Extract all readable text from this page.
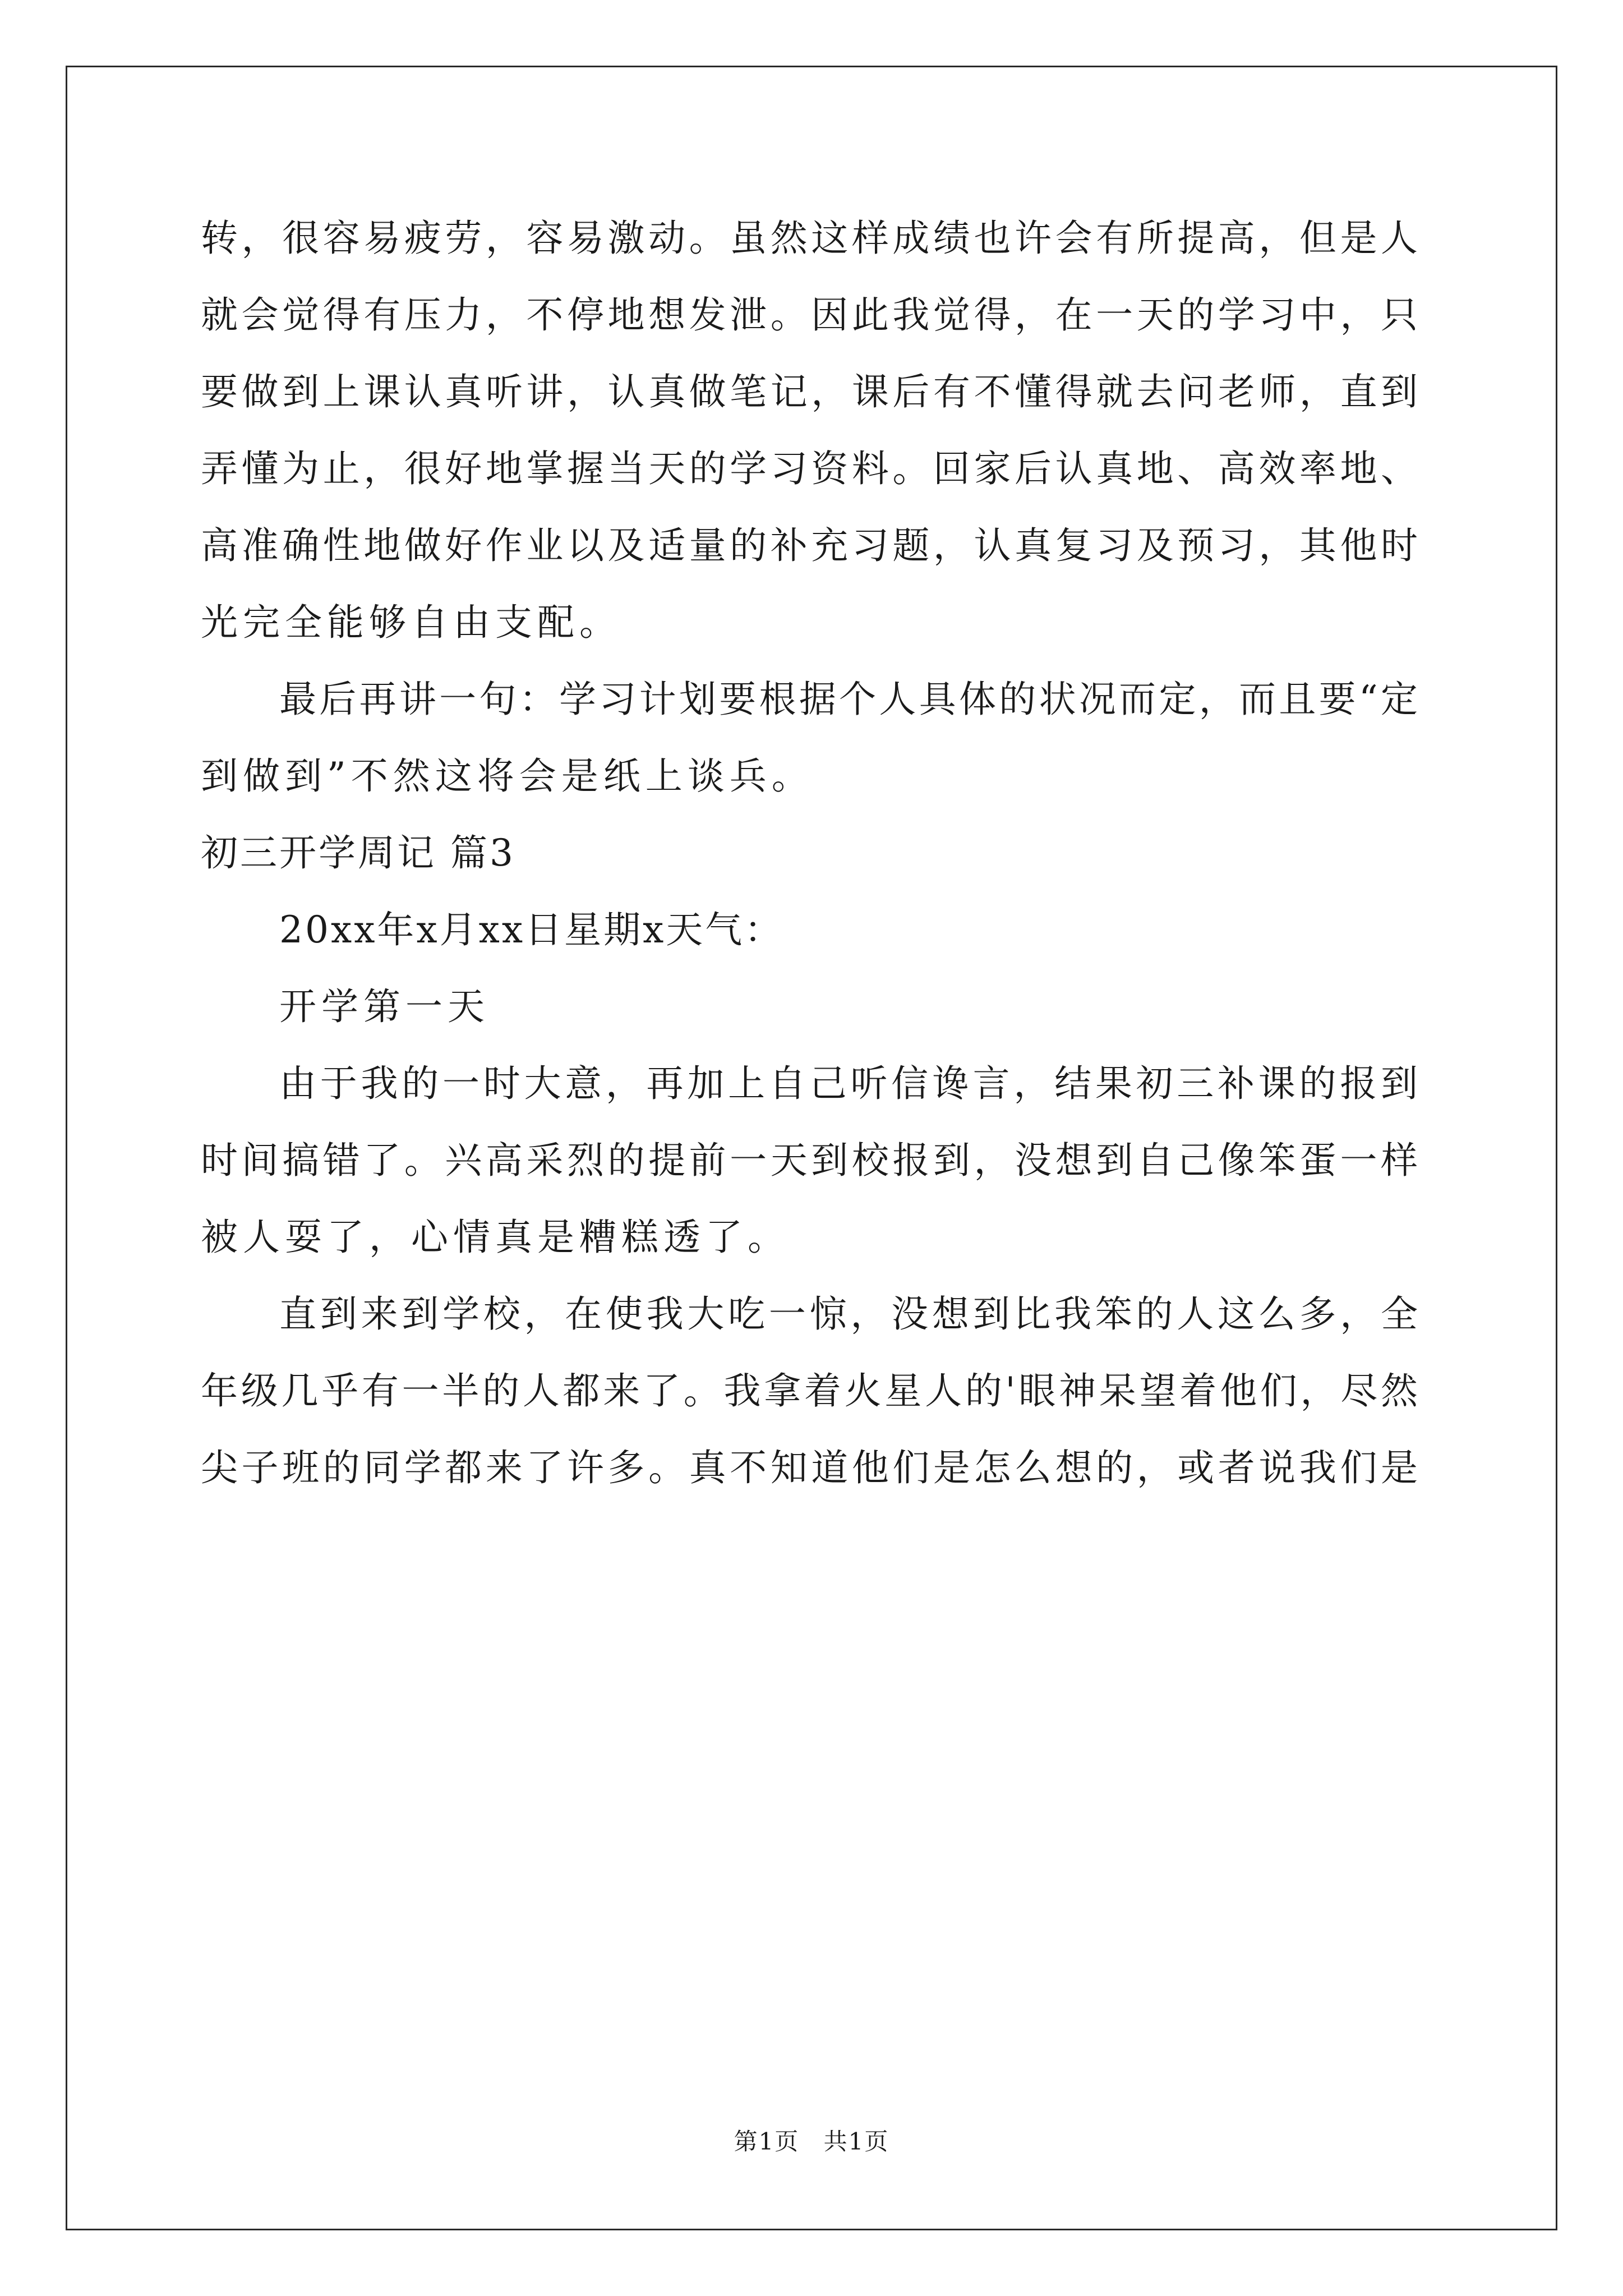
转，很容易疲劳，容易激动。虽然这样成绩也许会有所提高，但是人
就会觉得有压力，不停地想发泄。因此我觉得，在一天的学习中，只
要做到上课认真听讲，认真做笔记，课后有不懂得就去问老师，直到
弄懂为止，很好地掌握当天的学习资料。回家后认真地、高效率地、
高准确性地做好作业以及适量的补充习题，认真复习及预习，其他时
光完全能够自由支配。
最后再讲一句：学习计划要根据个人具体的状况而定，而且要“定
到做到”不然这将会是纸上谈兵。
初三开学周记 篇3
20xx年x月xx日星期x天气：
开学第一天
由于我的一时大意，再加上自己听信谗言，结果初三补课的报到
时间搞错了。兴高采烈的提前一天到校报到，没想到自己像笨蛋一样
被人耍了，心情真是糟糕透了。
直到来到学校，在使我大吃一惊，没想到比我笨的人这么多，全
年级几乎有一半的人都来了。我拿着火星人的'眼神呆望着他们，尽然
尖子班的同学都来了许多。真不知道他们是怎么想的，或者说我们是
第1页 共1页
